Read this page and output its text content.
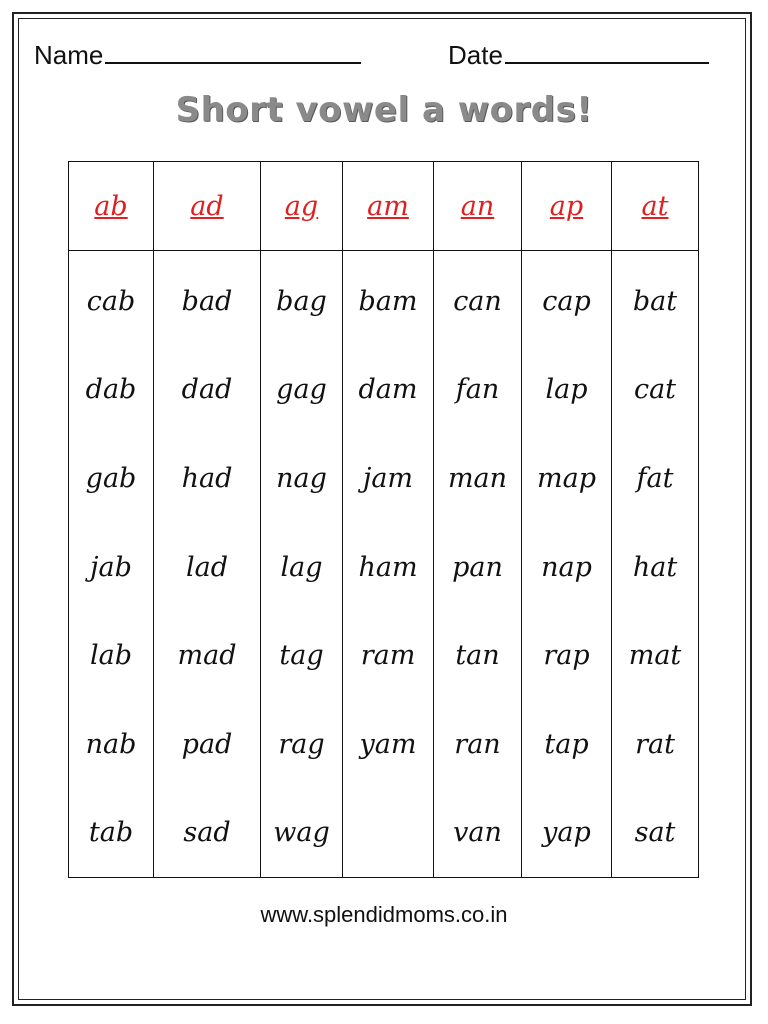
Name	Date
Short vowel a words!
ab	ad	ag	am	an	ap	at
cab	bad	bag	bam	can	cap	bat
dab	dad	gag	dam	fan	lap	cat
gab	had	nag	jam	man	map	fat
jab	lad	lag	ham	pan	nap	hat
lab	mad	tag	ram	tan	rap	mat
nab	pad	rag	yam	ran	tap	rat
tab	sad	wag		van	yap	sat
www.splendidmoms.co.in
